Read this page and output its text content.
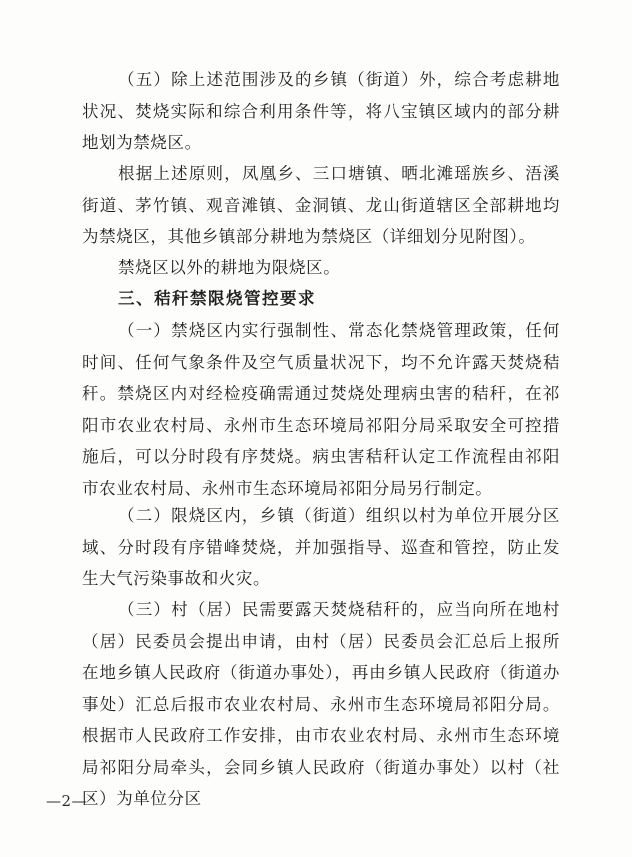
（五）除上述范围涉及的乡镇（街道）外，综合考虑耕地状况、焚烧实际和综合利用条件等，将八宝镇区域内的部分耕地划为禁烧区。

根据上述原则，凤凰乡、三口塘镇、晒北滩瑶族乡、浯溪街道、茅竹镇、观音滩镇、金洞镇、龙山街道辖区全部耕地均为禁烧区，其他乡镇部分耕地为禁烧区（详细划分见附图）。

禁烧区以外的耕地为限烧区。

三、秸秆禁限烧管控要求

（一）禁烧区内实行强制性、常态化禁烧管理政策，任何时间、任何气象条件及空气质量状况下，均不允许露天焚烧秸秆。禁烧区内对经检疫确需通过焚烧处理病虫害的秸秆，在祁阳市农业农村局、永州市生态环境局祁阳分局采取安全可控措施后，可以分时段有序焚烧。病虫害秸秆认定工作流程由祁阳市农业农村局、永州市生态环境局祁阳分局另行制定。

（二）限烧区内，乡镇（街道）组织以村为单位开展分区域、分时段有序错峰焚烧，并加强指导、巡查和管控，防止发生大气污染事故和火灾。

（三）村（居）民需要露天焚烧秸秆的，应当向所在地村（居）民委员会提出申请，由村（居）民委员会汇总后上报所在地乡镇人民政府（街道办事处），再由乡镇人民政府（街道办事处）汇总后报市农业农村局、永州市生态环境局祁阳分局。根据市人民政府工作安排，由市农业农村局、永州市生态环境局祁阳分局牵头，会同乡镇人民政府（街道办事处）以村（社区）为单位分区

—2—
